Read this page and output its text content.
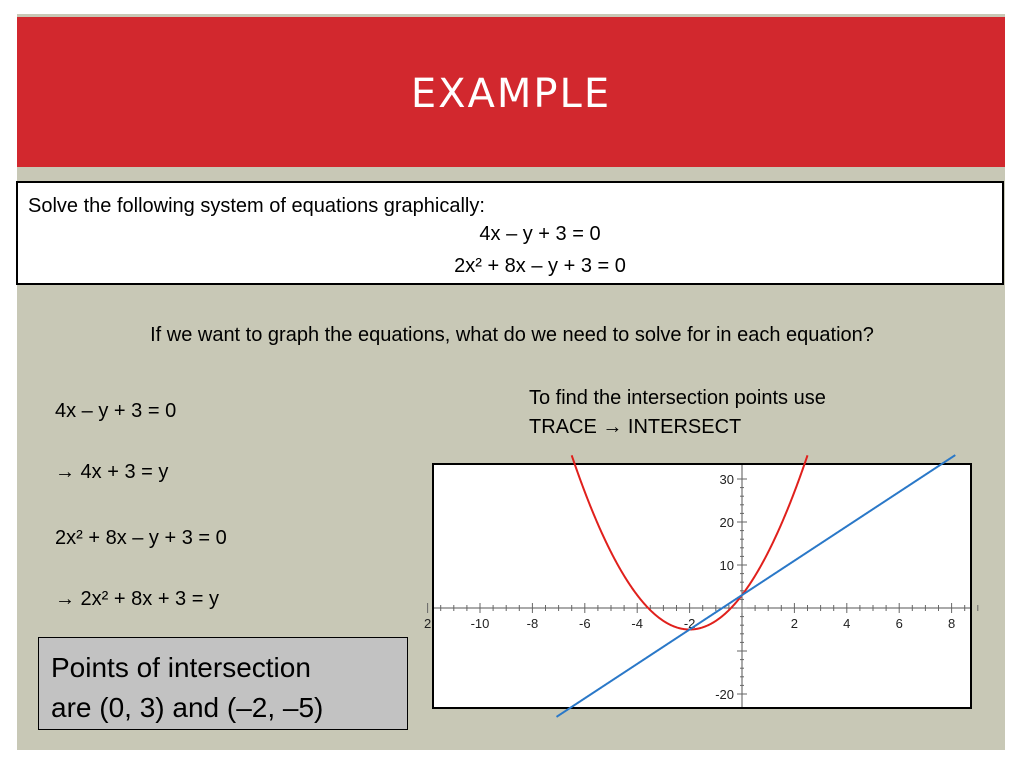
EXAMPLE
Solve the following system of equations graphically:
4x – y + 3 = 0
2x² + 8x – y + 3 = 0
If we want to graph the equations, what do we need to solve for in each equation?
4x – y + 3 = 0
→ 4x + 3 = y
2x² + 8x – y + 3 = 0
→ 2x² + 8x + 3 = y
To find the intersection points use
TRACE → INTERSECT
2	-10	-8	-6	-4	-2	2	4	6	8
30
20
10
-20
Points of intersection
are (0, 3) and (–2, –5)
